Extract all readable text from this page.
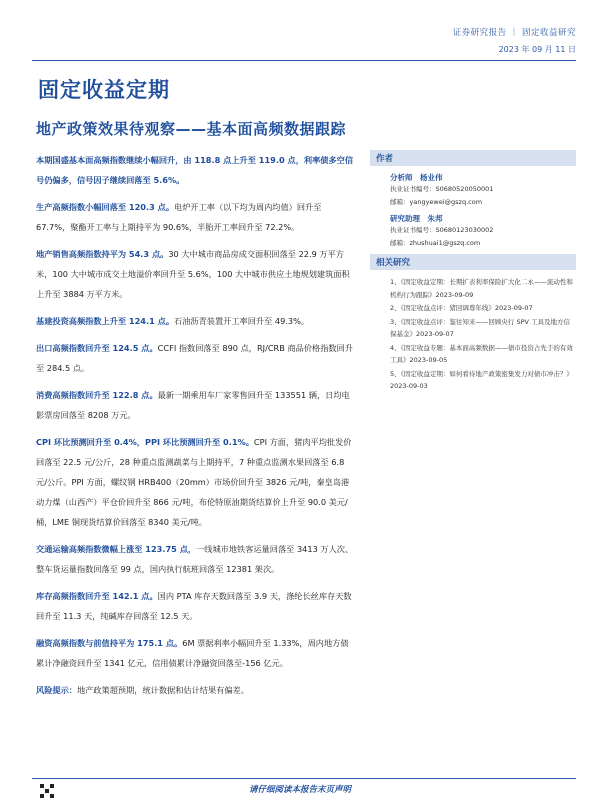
证券研究报告 ｜ 固定收益研究
2023 年 09 月 11 日
固定收益定期
地产政策效果待观察——基本面高频数据跟踪

本期国盛基本面高频指数继续小幅回升，由 118.8 点上升至 119.0 点，利率债多空信号仍偏多，信号因子继续回落至 5.6%。

生产高频指数小幅回落至 120.3 点。电炉开工率（以下均为周内均值）回升至 67.7%，聚酯开工率与上期持平为 90.6%，半胎开工率回升至 72.2%。

地产销售高频指数持平为 54.3 点。30 大中城市商品房成交面积回落至 22.9 万平方米，100 大中城市成交土地溢价率回升至 5.6%，100 大中城市供应土地规划建筑面积上升至 3884 万平方米。

基建投资高频指数上升至 124.1 点。石油沥青装置开工率回升至 49.3%。

出口高频指数回升至 124.5 点。CCFI 指数回落至 890 点，RJ/CRB 商品价格指数回升至 284.5 点。

消费高频指数回升至 122.8 点。最新一期乘用车厂家零售回升至 133551 辆，日均电影票房回落至 8208 万元。

CPI 环比预测回升至 0.4%，PPI 环比预测回升至 0.1%。CPI 方面，猪肉平均批发价回落至 22.5 元/公斤，28 种重点监测蔬菜与上期持平，7 种重点监测水果回落至 6.8 元/公斤。PPI 方面，螺纹钢 HRB400（20mm）市场价回升至 3826 元/吨，秦皇岛港动力煤（山西产）平仓价回升至 866 元/吨，布伦特原油期货结算价上升至 90.0 美元/桶，LME 铜现货结算价回落至 8340 美元/吨。

交通运输高频指数微幅上涨至 123.75 点，一线城市地铁客运量回落至 3413 万人次、整车货运量指数回落至 99 点，国内执行航班回落至 12381 架次。

库存高频指数回升至 142.1 点。国内 PTA 库存天数回落至 3.9 天，涤纶长丝库存天数回升至 11.3 天，纯碱库存回落至 12.5 天。

融资高频指数与前值持平为 175.1 点。6M 票据利率小幅回升至 1.33%，周内地方债累计净融资回升至 1341 亿元，信用债累计净融资回落至-156 亿元。

风险提示：地产政策超预期，统计数据和估计结果有偏差。

作者
分析师　杨业伟
执业证书编号：S0680520050001
邮箱：yangyewei@gszq.com
研究助理　朱邦
执业证书编号：S0680123030002
邮箱：zhushuai1@gszq.com
相关研究
1、《固定收益定期：长期扩表利率保险扩大化二永——流动性和机构行为跟踪》2023-09-09
2、《固定收益点评：猪回调尊年线》2023-09-07
3、《固定收益点评：鉴往知来——回顾央行 SPV 工具及地方信保基金》2023-09-07
4、《固定收益专题：基本面高频数据——债市投资占先于的有效工具》2023-09-05
5、《固定收益定期：如何看待地产政策密集发力对债市冲击？》2023-09-03
请仔细阅读本报告末页声明
